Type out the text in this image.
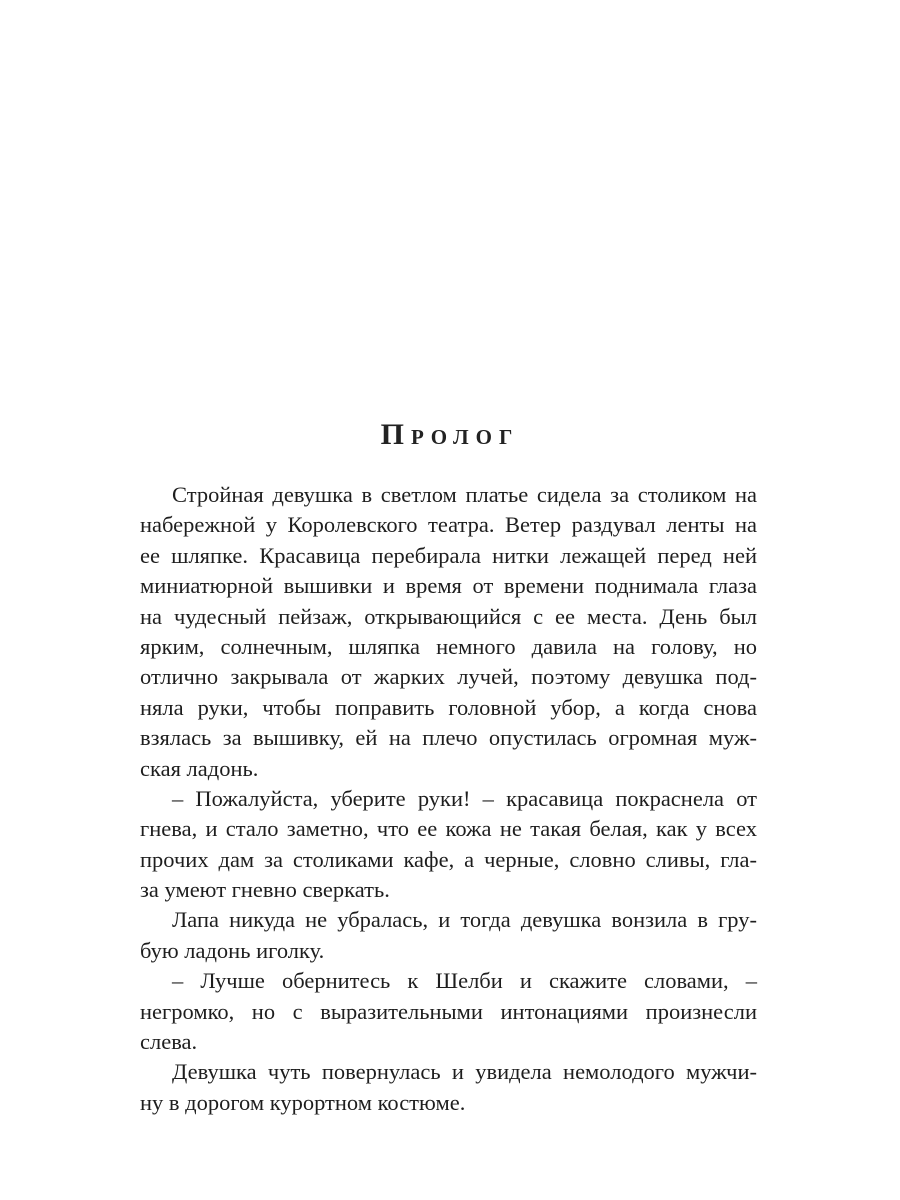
Пролог
Стройная девушка в светлом платье сидела за столиком на
набережной у Королевского театра. Ветер раздувал ленты на
ее шляпке. Красавица перебирала нитки лежащей перед ней
миниатюрной вышивки и время от времени поднимала глаза
на чудесный пейзаж, открывающийся с ее места. День был
ярким, солнечным, шляпка немного давила на голову, но
отлично закрывала от жарких лучей, поэтому девушка под-
няла руки, чтобы поправить головной убор, а когда снова
взялась за вышивку, ей на плечо опустилась огромная муж-
ская ладонь.
– Пожалуйста, уберите руки! – красавица покраснела от
гнева, и стало заметно, что ее кожа не такая белая, как у всех
прочих дам за столиками кафе, а черные, словно сливы, гла-
за умеют гневно сверкать.
Лапа никуда не убралась, и тогда девушка вонзила в гру-
бую ладонь иголку.
– Лучше обернитесь к Шелби и скажите словами, –
негромко, но с выразительными интонациями произнесли
слева.
Девушка чуть повернулась и увидела немолодого мужчи-
ну в дорогом курортном костюме.
